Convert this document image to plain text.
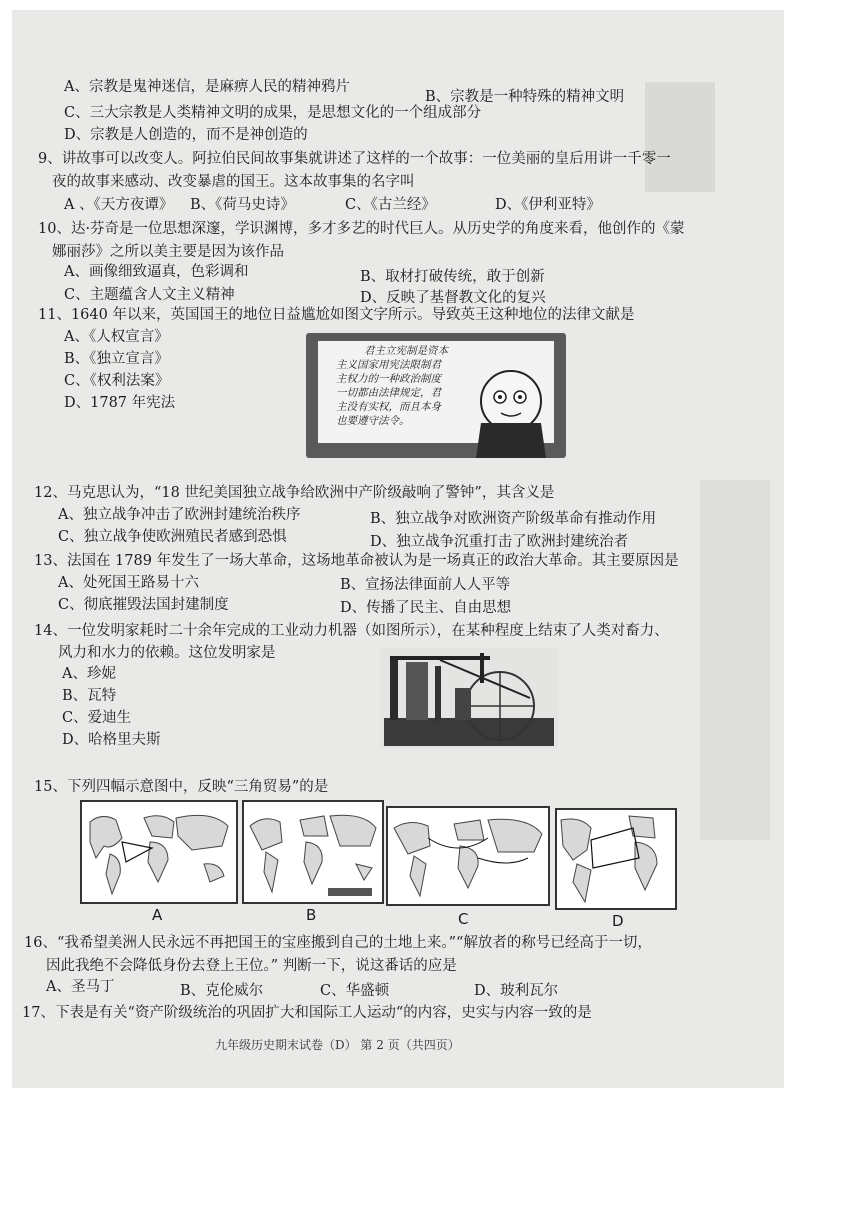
A、宗教是鬼神迷信，是麻痹人民的精神鸦片
B、宗教是一种特殊的精神文明
C、三大宗教是人类精神文明的成果，是思想文化的一个组成部分
D、宗教是人创造的，而不是神创造的
9、讲故事可以改变人。阿拉伯民间故事集就讲述了这样的一个故事：一位美丽的皇后用讲一千零一
夜的故事来感动、改变暴虐的国王。这本故事集的名字叫
A 、《天方夜谭》 B、《荷马史诗》	C、《古兰经》	D、《伊利亚特》
10、达·芬奇是一位思想深邃，学识渊博，多才多艺的时代巨人。从历史学的角度来看，他创作的《蒙
娜丽莎》之所以美主要是因为该作品
A、画像细致逼真，色彩调和	B、取材打破传统，敢于创新
C、主题蕴含人文主义精神	D、反映了基督教文化的复兴
11、1640 年以来，英国国王的地位日益尴尬如图文字所示。导致英王这种地位的法律文献是
A、《人权宣言》
B、《独立宣言》
C、《权利法案》
D、1787 年宪法
君主立宪制是资本
主义国家用宪法限制君
主权力的一种政治制度
一切都由法律规定，君
主没有实权，而且本身
也要遵守法令。
12、马克思认为，“18 世纪美国独立战争给欧洲中产阶级敲响了警钟”，其含义是
A、独立战争冲击了欧洲封建统治秩序	B、独立战争对欧洲资产阶级革命有推动作用
C、独立战争使欧洲殖民者感到恐惧	D、独立战争沉重打击了欧洲封建统治者
13、法国在 1789 年发生了一场大革命，这场地革命被认为是一场真正的政治大革命。其主要原因是
A、处死国王路易十六	B、宣扬法律面前人人平等
C、彻底摧毁法国封建制度	D、传播了民主、自由思想
14、一位发明家耗时二十余年完成的工业动力机器（如图所示），在某种程度上结束了人类对畜力、
风力和水力的依赖。这位发明家是
A、珍妮
B、瓦特
C、爱迪生
D、哈格里夫斯
15、下列四幅示意图中，反映“三角贸易”的是
A	B	C	D
16、“我希望美洲人民永远不再把国王的宝座搬到自己的土地上来。”“解放者的称号已经高于一切，
因此我绝不会降低身份去登上王位。” 判断一下，说这番话的应是
A、圣马丁	B、克伦威尔	C、华盛顿	D、玻利瓦尔
17、下表是有关“资产阶级统治的巩固扩大和国际工人运动“的内容，史实与内容一致的是
九年级历史期末试卷（D） 第 2 页（共四页）
